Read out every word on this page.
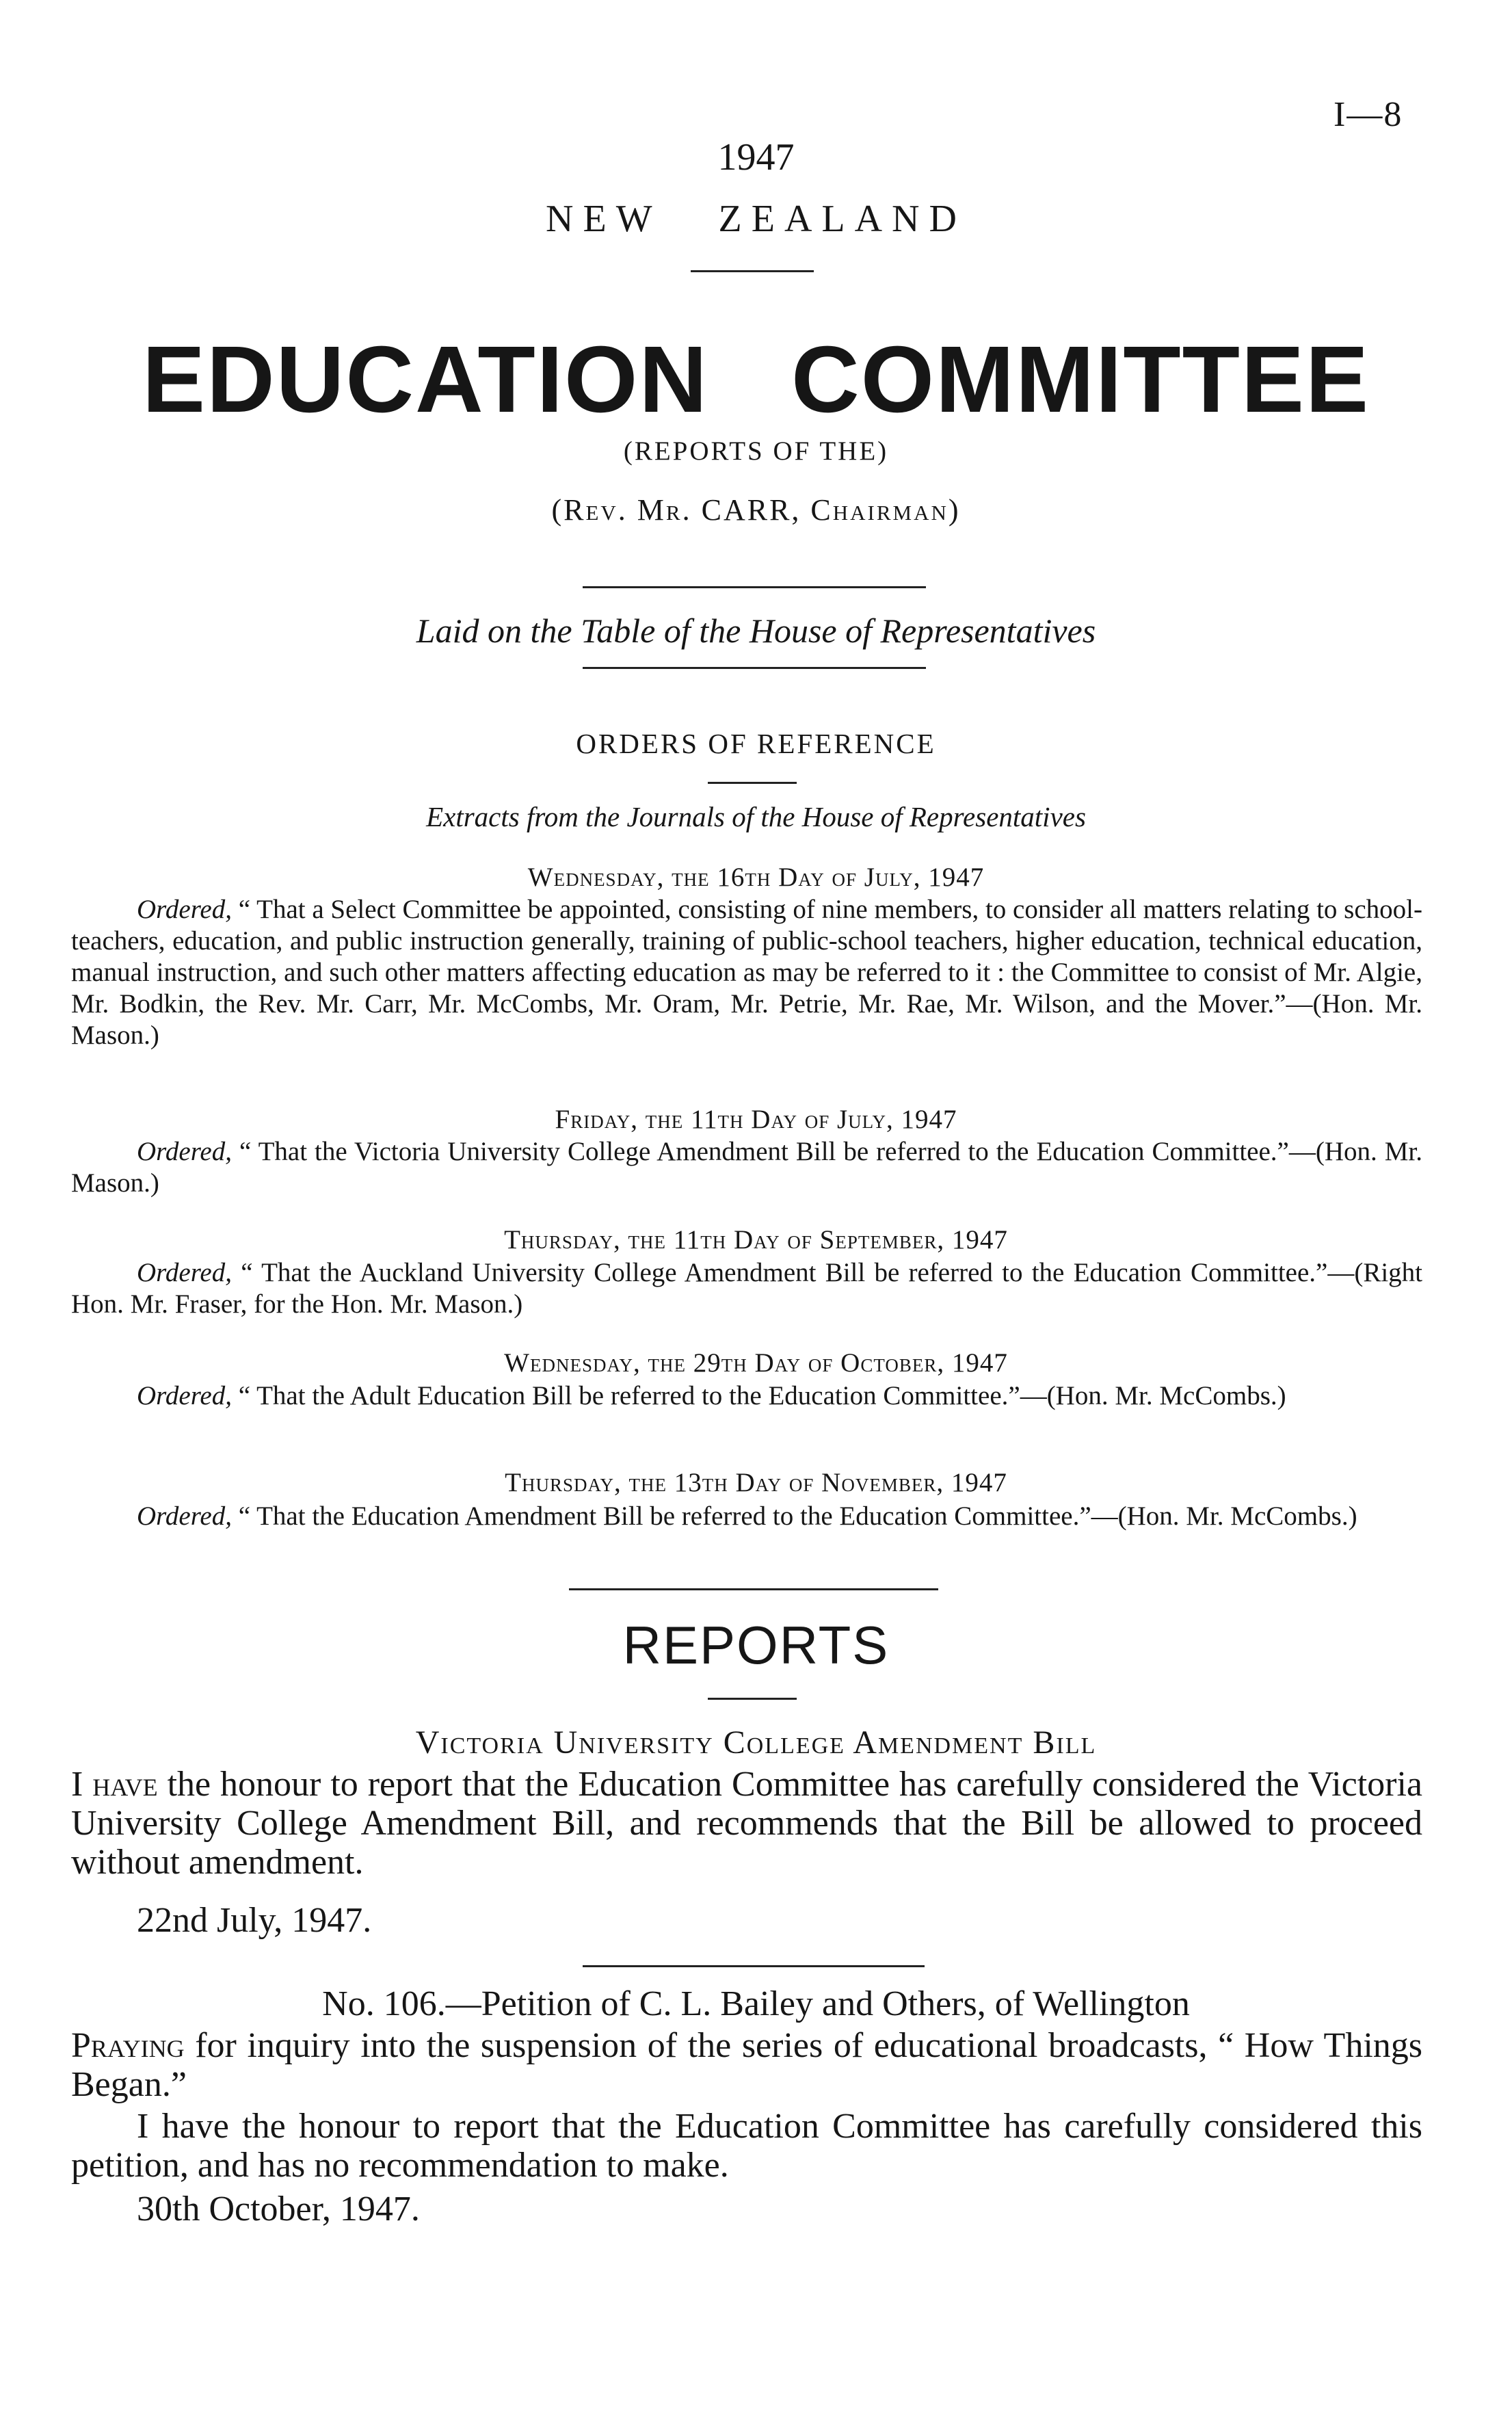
I—8
1947
NEW   ZEALAND
EDUCATION   COMMITTEE
(REPORTS OF THE)
(Rev. Mr. CARR, Chairman)
Laid on the Table of the House of Representatives
ORDERS OF REFERENCE
Extracts from the Journals of the House of Representatives
Wednesday, the 16th Day of July, 1947
Ordered, “ That a Select Committee be appointed, consisting of nine members, to consider all matters relating to school-teachers, education, and public instruction generally, training of public-school teachers, higher education, technical education, manual instruction, and such other matters affecting education as may be referred to it : the Committee to consist of Mr. Algie, Mr. Bodkin, the Rev. Mr. Carr, Mr. McCombs, Mr. Oram, Mr. Petrie, Mr. Rae, Mr. Wilson, and the Mover.”—(Hon. Mr. Mason.)
Friday, the 11th Day of July, 1947
Ordered, “ That the Victoria University College Amendment Bill be referred to the Education Committee.”—(Hon. Mr. Mason.)
Thursday, the 11th Day of September, 1947
Ordered, “ That the Auckland University College Amendment Bill be referred to the Education Committee.”—(Right Hon. Mr. Fraser, for the Hon. Mr. Mason.)
Wednesday, the 29th Day of October, 1947
Ordered, “ That the Adult Education Bill be referred to the Education Committee.”—(Hon. Mr. McCombs.)
Thursday, the 13th Day of November, 1947
Ordered, “ That the Education Amendment Bill be referred to the Education Committee.”—(Hon. Mr. McCombs.)
REPORTS
Victoria University College Amendment Bill
I have the honour to report that the Education Committee has carefully considered the Victoria University College Amendment Bill, and recommends that the Bill be allowed to proceed without amendment.
22nd July, 1947.
No. 106.—Petition of C. L. Bailey and Others, of Wellington
Praying for inquiry into the suspension of the series of educational broadcasts, “ How Things Began.”
I have the honour to report that the Education Committee has carefully considered this petition, and has no recommendation to make.
30th October, 1947.
